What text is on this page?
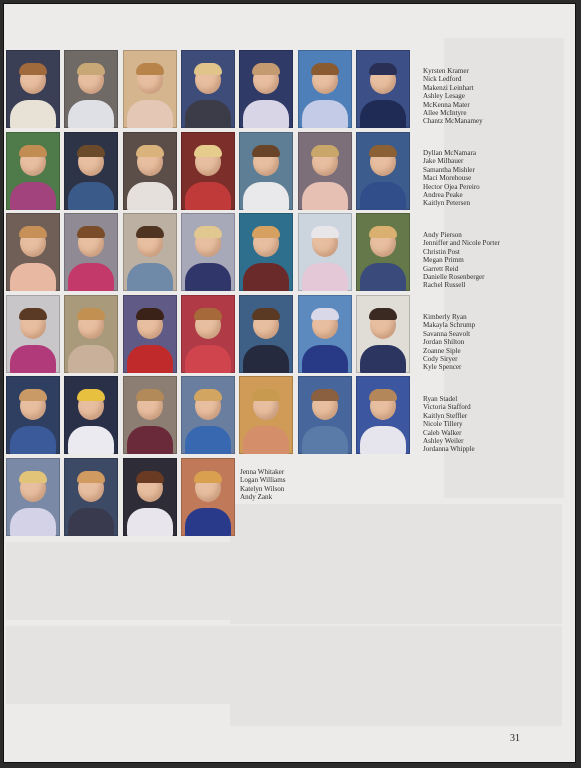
Kyrsten Kramer
Nick Ledford
Makenzi Leinhart
Ashley Lesage
McKenna Mater
Allee McIntyre
Chantz McManamey
Dyllan McNamara
Jake Milbauer
Samantha Mishler
Maci Morehouse
Hector Ojea Pereiro
Andrea Peake
Kaitlyn Petersen
Andy Pierson
Jenniffer and Nicole Porter
Christin Post
Megan Primm
Garrett Reid
Danielle Rosenberger
Rachel Russell
Kimberly Ryan
Makayla Schrump
Savanna Seavolt
Jordan Shilton
Zoanne Siple
Cody Siryer
Kyle Spencer
Ryan Stadel
Victoria Stafford
Kaitlyn Steffler
Nicole Tillery
Caleb Walker
Ashley Weiler
Jordanna Whipple
Jenna Whitaker
Logan Williams
Katelyn Wilson
Andy Zank
31
